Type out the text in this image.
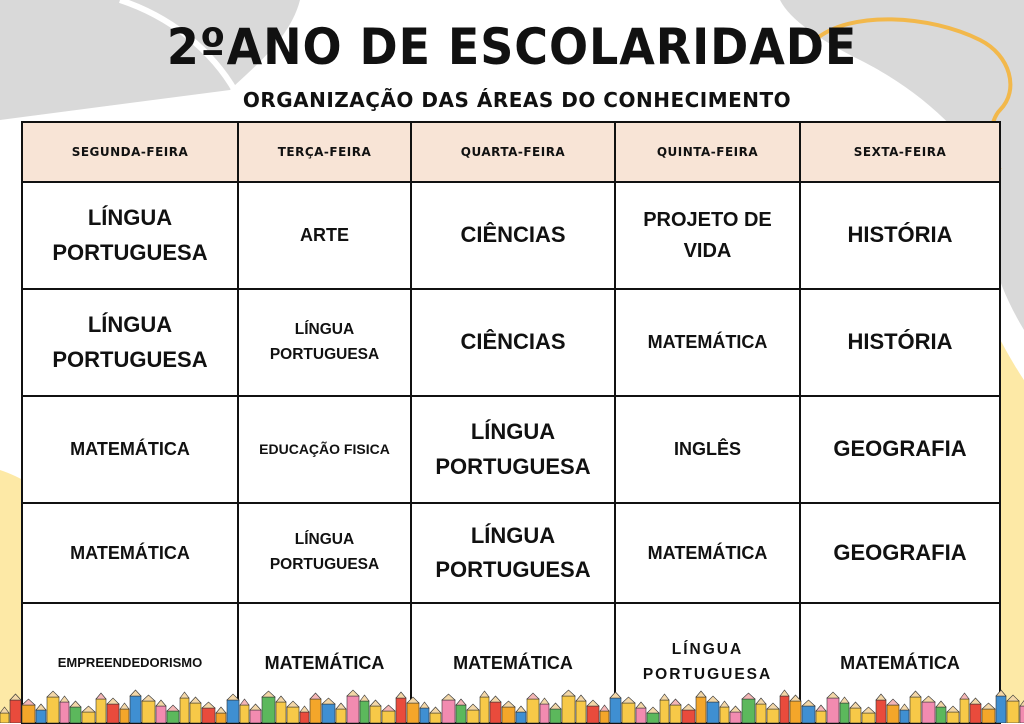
2ºANO DE ESCOLARIDADE
ORGANIZAÇÃO DAS ÁREAS DO CONHECIMENTO
SEGUNDA-FEIRA	TERÇA-FEIRA	QUARTA-FEIRA	QUINTA-FEIRA	SEXTA-FEIRA
LÍNGUA PORTUGUESA	ARTE	CIÊNCIAS	PROJETO DE VIDA	HISTÓRIA
LÍNGUA PORTUGUESA	LÍNGUA PORTUGUESA	CIÊNCIAS	MATEMÁTICA	HISTÓRIA
MATEMÁTICA	EDUCAÇÃO FISICA	LÍNGUA PORTUGUESA	INGLÊS	GEOGRAFIA
MATEMÁTICA	LÍNGUA PORTUGUESA	LÍNGUA PORTUGUESA	MATEMÁTICA	GEOGRAFIA
EMPREENDEDORISMO	MATEMÁTICA	MATEMÁTICA	LÍNGUA PORTUGUESA	MATEMÁTICA
